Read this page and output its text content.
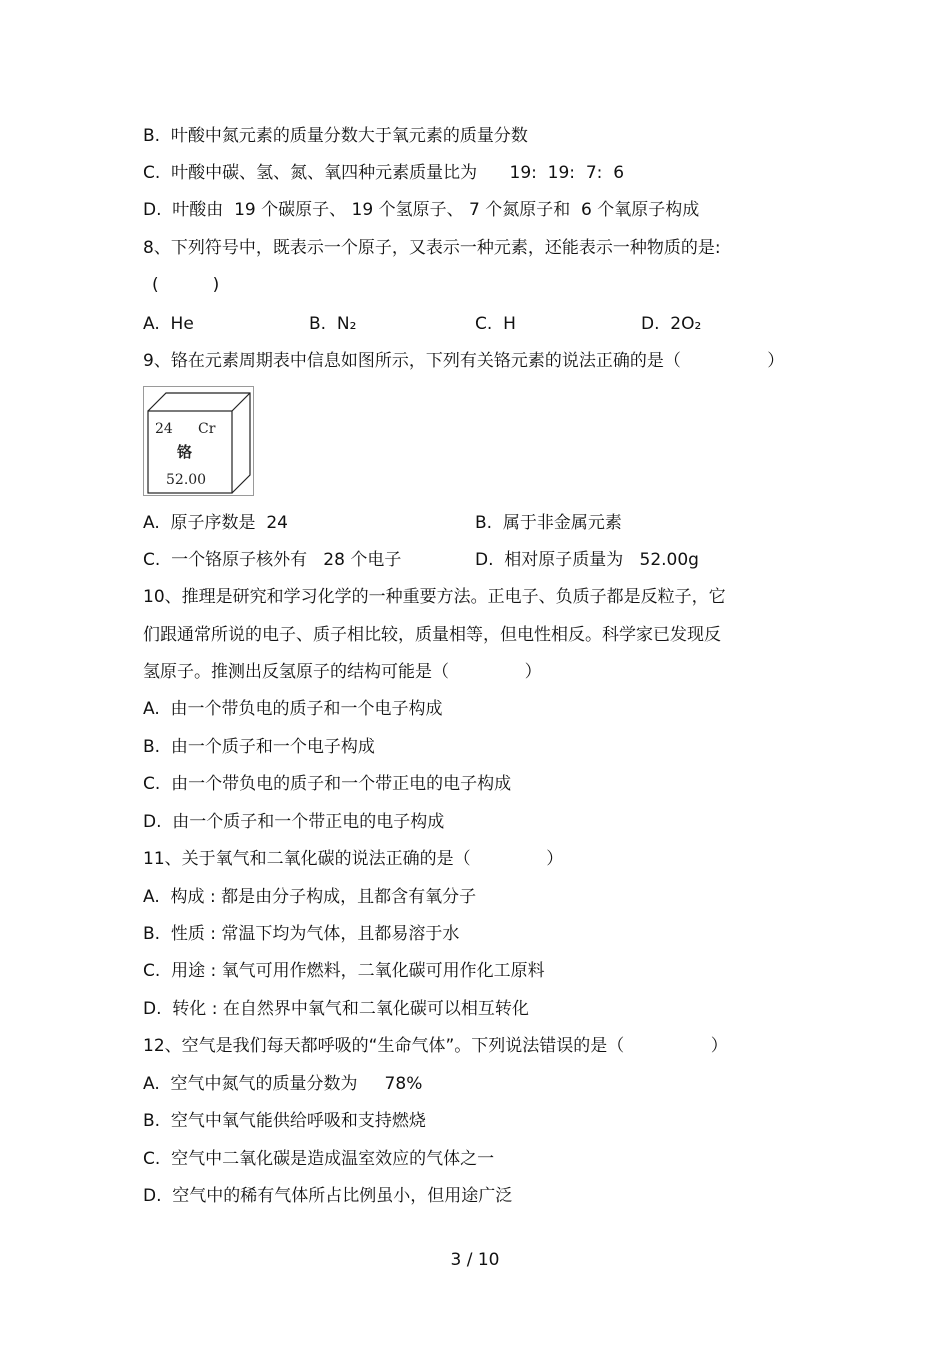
B.  叶酸中氮元素的质量分数大于氧元素的质量分数
C.  叶酸中碳、氢、氮、氧四种元素质量比为      19:  19:  7:  6
D.  叶酸由  19 个碳原子、 19 个氢原子、 7 个氮原子和  6 个氧原子构成
8、下列符号中，既表示一个原子，又表示一种元素，还能表示一种物质的是:
(          )
A.  He	B.  N₂	C.  H	D.  2O₂
9、铬在元素周期表中信息如图所示，下列有关铬元素的说法正确的是（                ）
24 Cr
铬
52.00
A.  原子序数是  24	B.  属于非金属元素
C.  一个铬原子核外有   28 个电子	D.  相对原子质量为   52.00g
10、推理是研究和学习化学的一种重要方法。正电子、负质子都是反粒子，它
们跟通常所说的电子、质子相比较，质量相等，但电性相反。科学家已发现反
氢原子。推测出反氢原子的结构可能是（              ）
A.  由一个带负电的质子和一个电子构成
B.  由一个质子和一个电子构成
C.  由一个带负电的质子和一个带正电的电子构成
D.  由一个质子和一个带正电的电子构成
11、关于氧气和二氧化碳的说法正确的是（              ）
A.  构成 : 都是由分子构成，且都含有氧分子
B.  性质 : 常温下均为气体，且都易溶于水
C.  用途 : 氧气可用作燃料，二氧化碳可用作化工原料
D.  转化 : 在自然界中氧气和二氧化碳可以相互转化
12、空气是我们每天都呼吸的“生命气体”。下列说法错误的是（                ）
A.  空气中氮气的质量分数为     78%
B.  空气中氧气能供给呼吸和支持燃烧
C.  空气中二氧化碳是造成温室效应的气体之一
D.  空气中的稀有气体所占比例虽小，但用途广泛
3 / 10
